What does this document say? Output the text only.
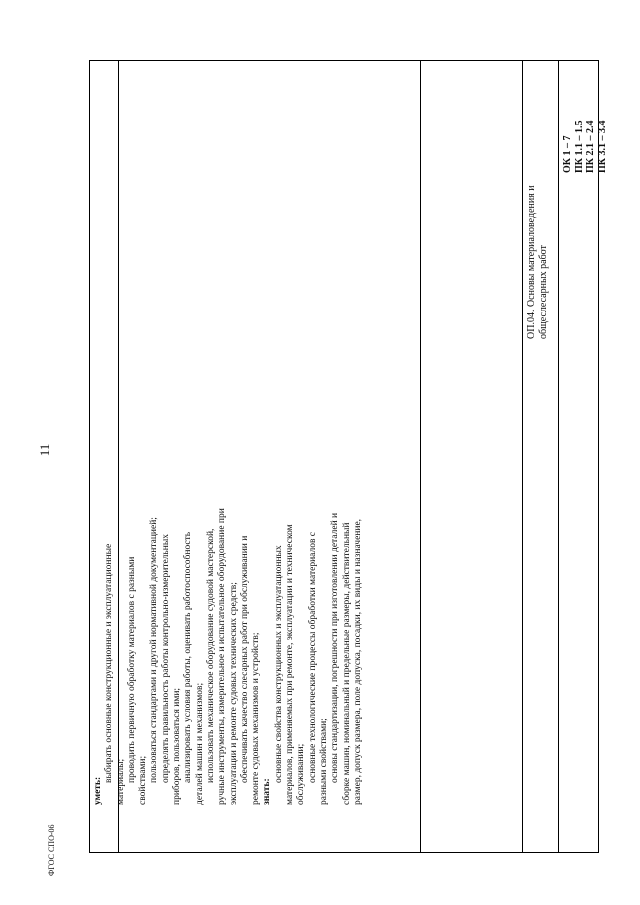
11
ФГОС СПО-06

уметь:

выбирать основные конструкционные и эксплуатационные материалы; проводить первичную обработку материалов с разными свойствами; пользоваться стандартами и другой нормативной документацией; определять правильность работы контрольно-измерительных приборов, пользоваться ими; анализировать условия работы, оценивать работоспособность деталей машин и механизмов; использовать механическое оборудование судовой мастерской, ручные инструменты, измерительное и испытательное оборудование при эксплуатации и ремонте судовых технических средств; обеспечивать качество слесарных работ при обслуживании и ремонте судовых механизмов и устройств; знать:

основные свойства конструкционных и эксплуатационных материалов, применяемых при ремонте, эксплуатации и техническом обслуживании; основные технологические процессы обработки материалов с разными свойствами; основы стандартизации, погрешности при изготовлении деталей и сборке машин, номинальный и предельные размеры, действительный размер, допуск размера, поле допуска, посадки, их виды и назначение,

ОП.04. Основы материаловедения и общеслесарных работ

ОК 1 – 7 ПК 1.1 – 1.5 ПК 2.1 – 2.4 ПК 3.1 – 3.4
